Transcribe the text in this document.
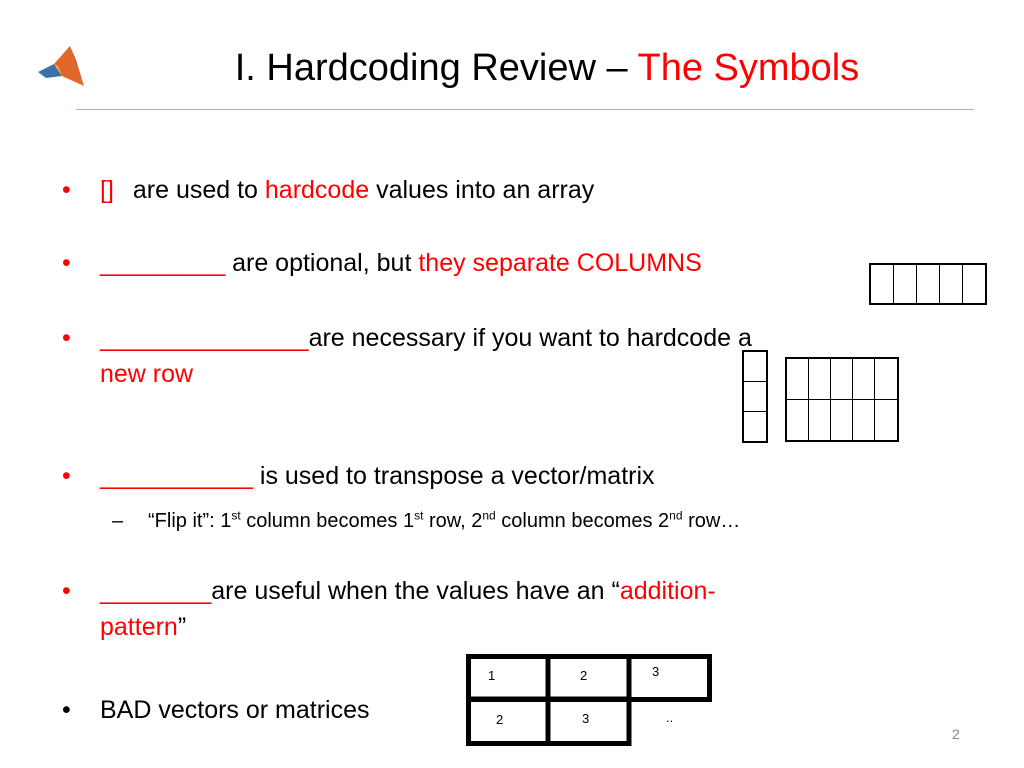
I. Hardcoding Review – The Symbols
• [] are used to hardcode values into an array
• _________ are optional, but they separate COLUMNS
• _______________are necessary if you want to hardcode a
new row
• ___________ is used to transpose a vector/matrix
– “Flip it”: 1st column becomes 1st row, 2nd column becomes 2nd row…
• ________are useful when the values have an “addition-
pattern”
• BAD vectors or matrices
1	2	3
2	3	..
2
